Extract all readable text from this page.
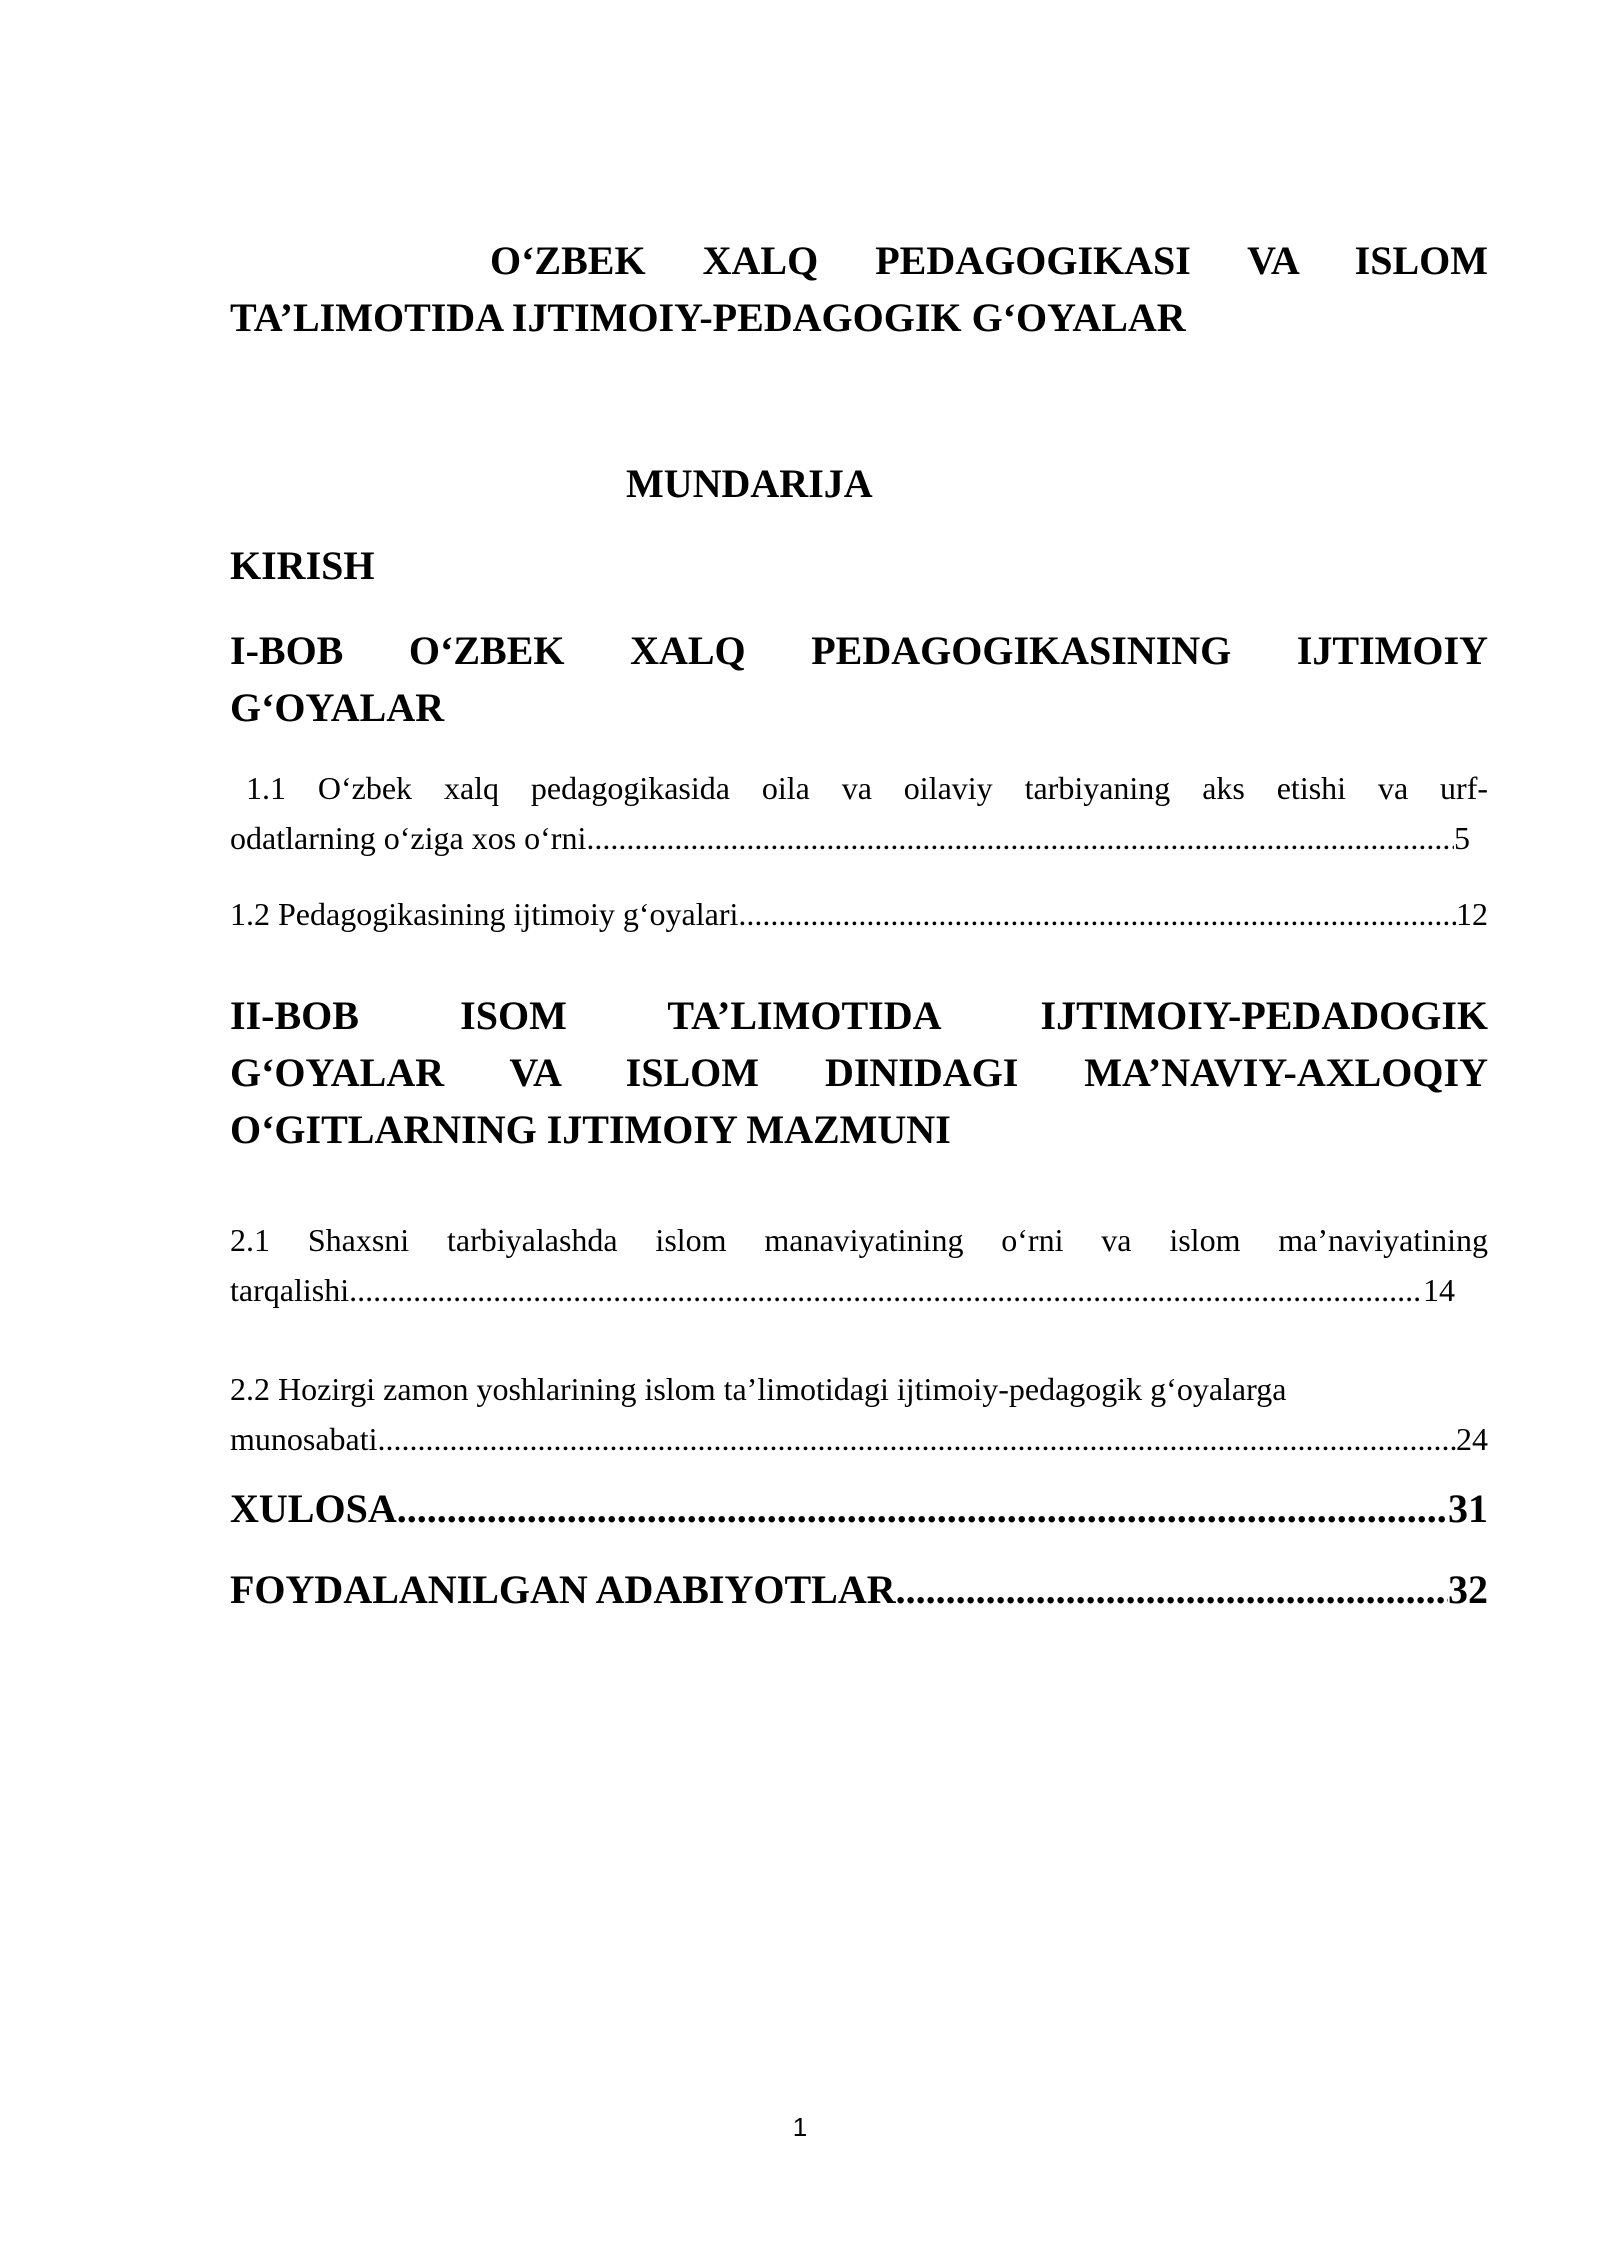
O‘ZBEK XALQ PEDAGOGIKASI VA ISLOM
TA’LIMOTIDA IJTIMOIY-PEDAGOGIK G‘OYALAR
MUNDARIJA
KIRISH
I-BOB O‘ZBEK XALQ PEDAGOGIKASINING IJTIMOIY
G‘OYALAR
1.1 O‘zbek xalq pedagogikasida oila va oilaviy tarbiyaning aks etishi va urf-
odatlarning o‘ziga xos o‘rni .....	5
1.2 Pedagogikasining ijtimoiy g‘oyalari .....	12
II-BOB ISOM TA’LIMOTIDA IJTIMOIY-PEDADOGIK
G‘OYALAR VA ISLOM DINIDAGI MA’NAVIY-AXLOQIY
O‘GITLARNING IJTIMOIY MAZMUNI
2.1 Shaxsni tarbiyalashda islom manaviyatining o‘rni va islom ma’naviyatining
tarqalishi .....	14
2.2 Hozirgi zamon yoshlarining islom ta’limotidagi ijtimoiy-pedagogik g‘oyalarga
munosabati .....	24
XULOSA .....	31
FOYDALANILGAN ADABIYOTLAR .....	32
1
